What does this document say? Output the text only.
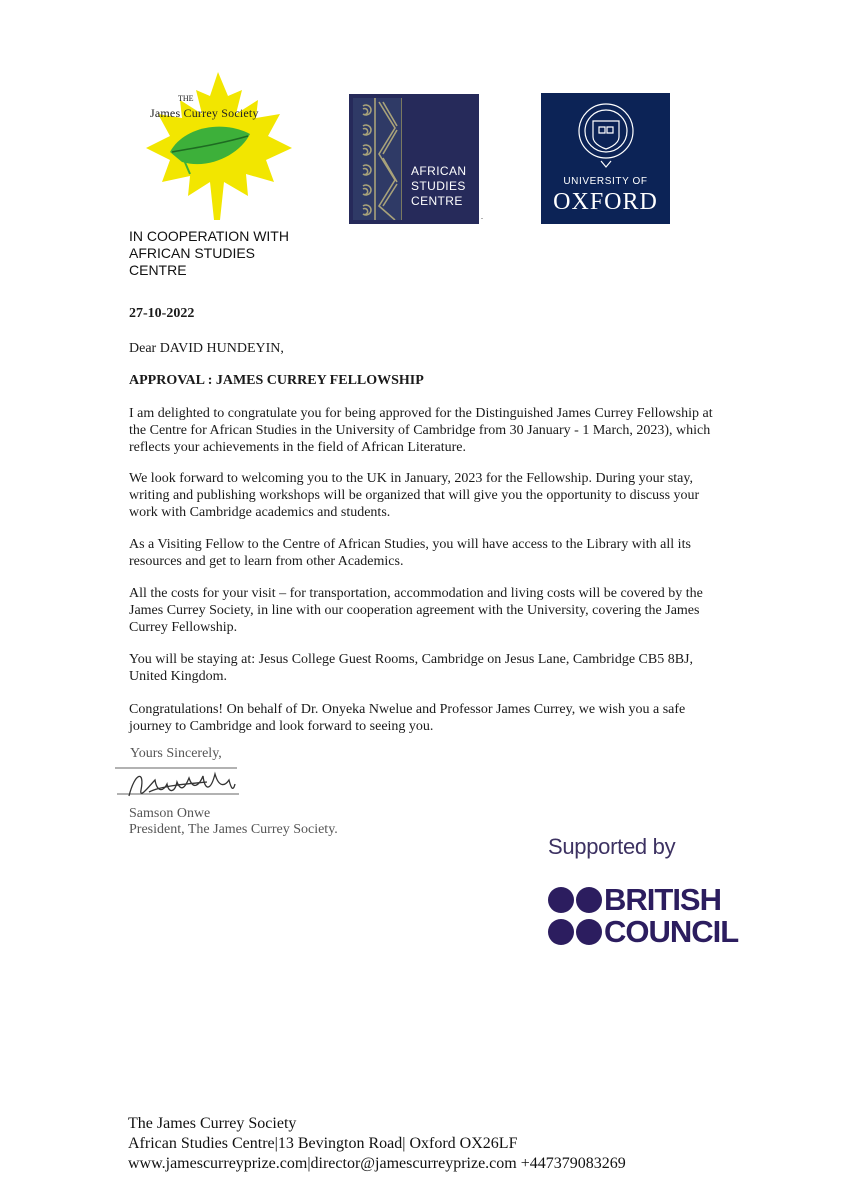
THE
James Currey Society
IN COOPERATION WITH
AFRICAN STUDIES
CENTRE
AFRICAN
STUDIES
CENTRE
.
UNIVERSITY OF
OXFORD
27-10-2022
Dear DAVID HUNDEYIN,
APPROVAL : JAMES CURREY FELLOWSHIP
I am delighted to congratulate you for being approved for the Distinguished James Currey Fellowship at
the Centre for African Studies in the University of Cambridge from 30 January - 1 March, 2023), which
reflects your achievements in the field of African Literature.
We look forward to welcoming you to the UK in January, 2023 for the Fellowship. During your stay,
writing and publishing workshops will be organized that will give you the opportunity to discuss your
work with Cambridge academics and students.
As a Visiting Fellow to the Centre of African Studies, you will have access to the Library with all its
resources and get to learn from other Academics.
All the costs for your visit – for transportation, accommodation and living costs will be covered by the
James Currey Society, in line with our cooperation agreement with the University, covering the James
Currey Fellowship.
You will be staying at: Jesus College Guest Rooms, Cambridge on Jesus Lane, Cambridge CB5 8BJ,
United Kingdom.
Congratulations! On behalf of Dr. Onyeka Nwelue and Professor James Currey, we wish you a safe
journey to Cambridge and look forward to seeing you.
Yours Sincerely,
Samson Onwe
President, The James Currey Society.
Supported by
BRITISH
COUNCIL
The James Currey Society
African Studies Centre|13 Bevington Road| Oxford OX26LF
www.jamescurreyprize.com|director@jamescurreyprize.com +447379083269
